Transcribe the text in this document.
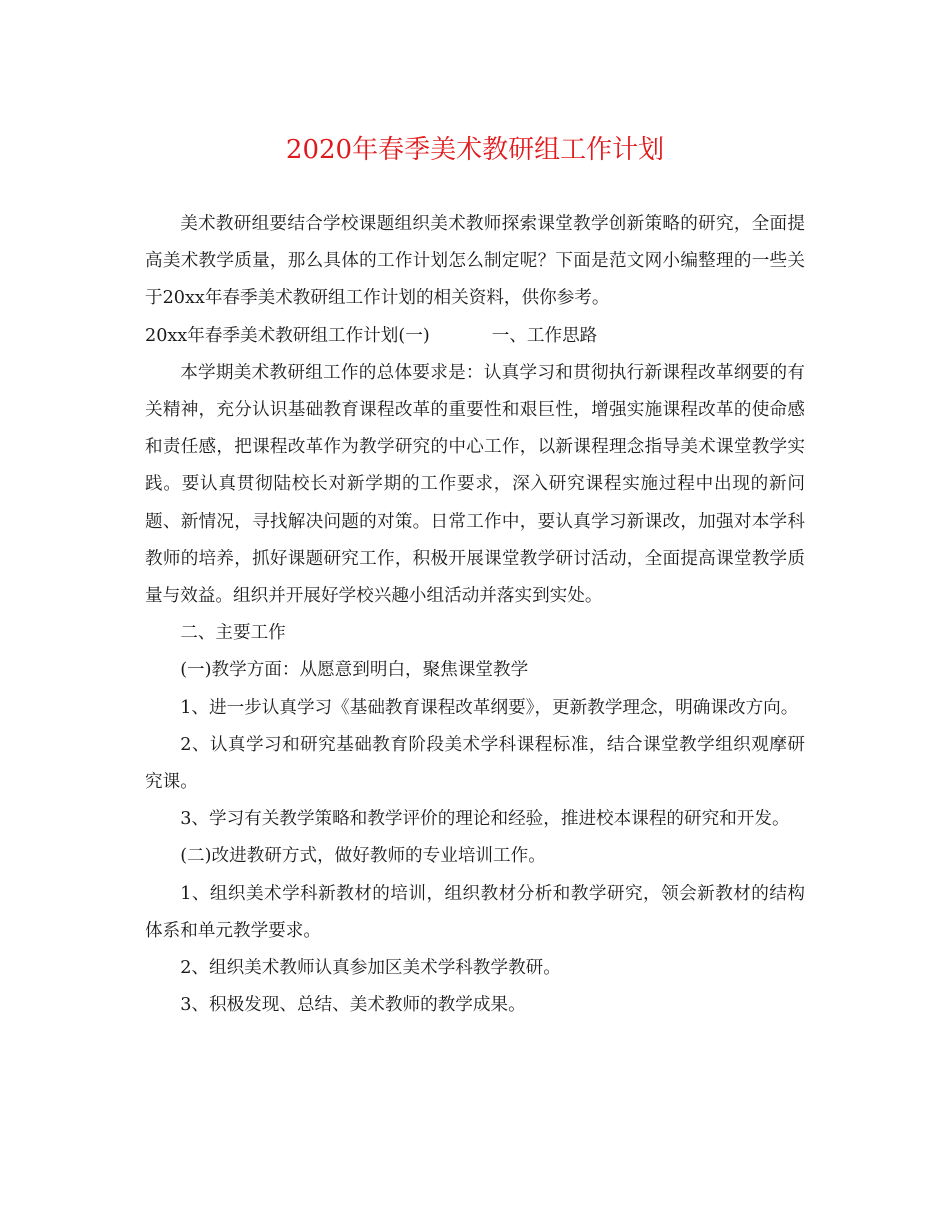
2020年春季美术教研组工作计划

美术教研组要结合学校课题组织美术教师探索课堂教学创新策略的研究，全面提高美术教学质量，那么具体的工作计划怎么制定呢？下面是范文网小编整理的一些关于20xx年春季美术教研组工作计划的相关资料，供你参考。

20xx年春季美术教研组工作计划(一)	一、工作思路

本学期美术教研组工作的总体要求是：认真学习和贯彻执行新课程改革纲要的有关精神，充分认识基础教育课程改革的重要性和艰巨性，增强实施课程改革的使命感和责任感，把课程改革作为教学研究的中心工作，以新课程理念指导美术课堂教学实践。要认真贯彻陆校长对新学期的工作要求，深入研究课程实施过程中出现的新问题、新情况，寻找解决问题的对策。日常工作中，要认真学习新课改，加强对本学科教师的培养，抓好课题研究工作，积极开展课堂教学研讨活动，全面提高课堂教学质量与效益。组织并开展好学校兴趣小组活动并落实到实处。

二、主要工作

(一)教学方面：从愿意到明白，聚焦课堂教学

1、进一步认真学习《基础教育课程改革纲要》，更新教学理念，明确课改方向。

2、认真学习和研究基础教育阶段美术学科课程标准，结合课堂教学组织观摩研究课。

3、学习有关教学策略和教学评价的理论和经验，推进校本课程的研究和开发。

(二)改进教研方式，做好教师的专业培训工作。

1、组织美术学科新教材的培训，组织教材分析和教学研究，领会新教材的结构体系和单元教学要求。

2、组织美术教师认真参加区美术学科教学教研。

3、积极发现、总结、美术教师的教学成果。
